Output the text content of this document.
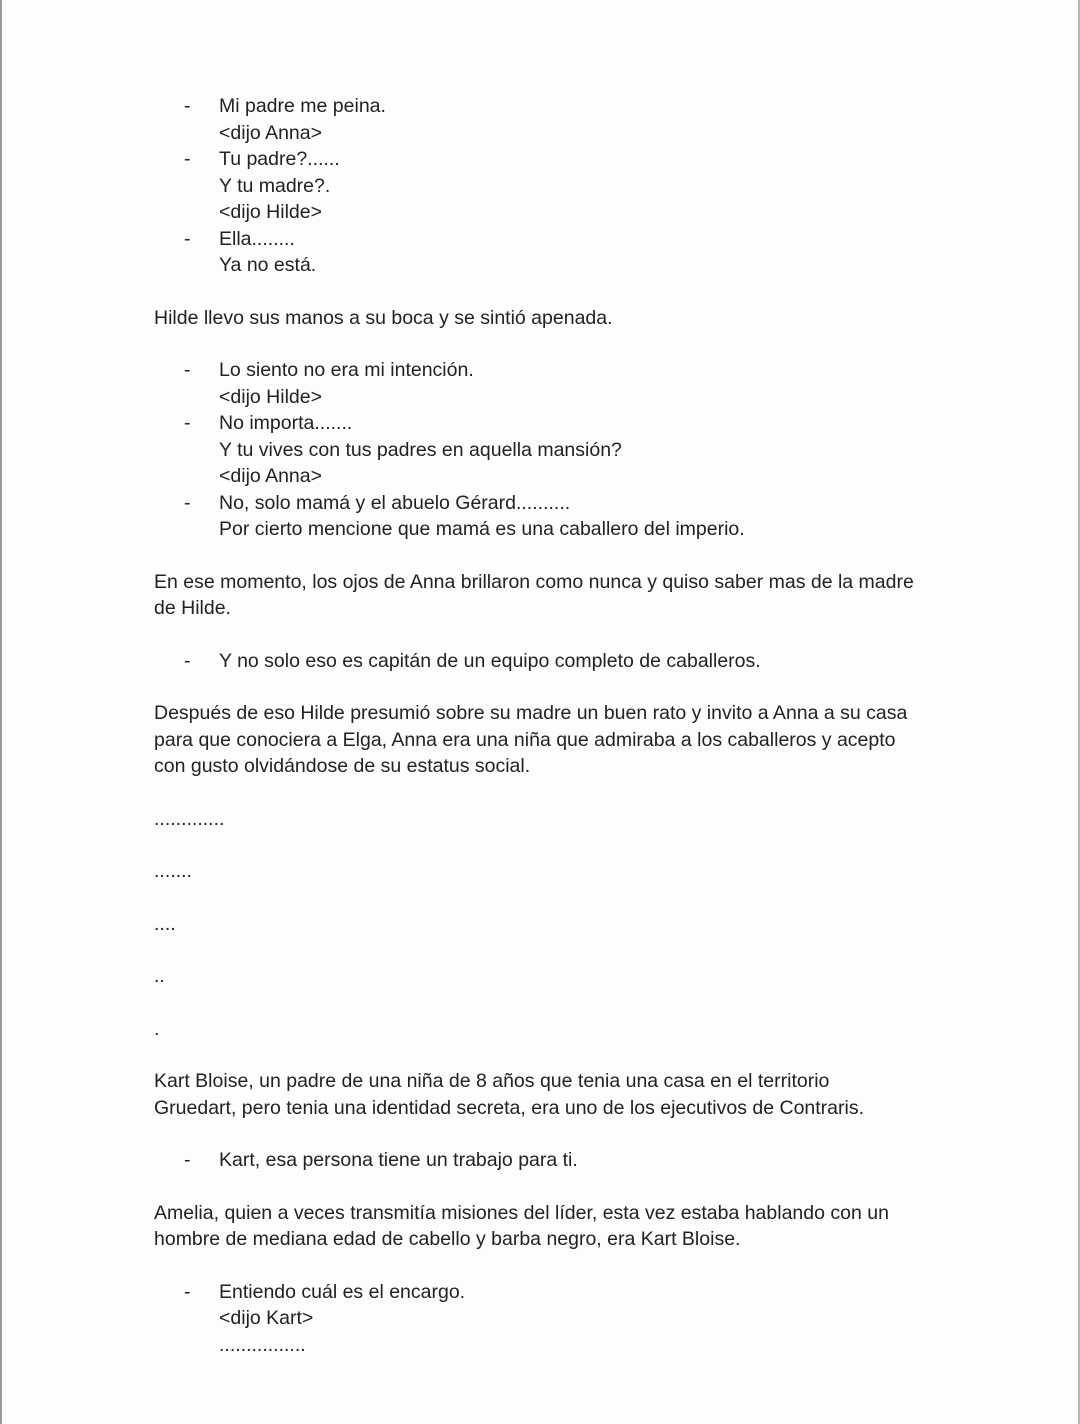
- Mi padre me peina.
<dijo Anna>
- Tu padre?......
Y tu madre?.
<dijo Hilde>
- Ella........
Ya no está.

Hilde llevo sus manos a su boca y se sintió apenada.

- Lo siento no era mi intención.
<dijo Hilde>
- No importa.......
Y tu vives con tus padres en aquella mansión?
<dijo Anna>
- No, solo mamá y el abuelo Gérard..........
Por cierto mencione que mamá es una caballero del imperio.

En ese momento, los ojos de Anna brillaron como nunca y quiso saber mas de la madre
de Hilde.

- Y no solo eso es capitán de un equipo completo de caballeros.

Después de eso Hilde presumió sobre su madre un buen rato y invito a Anna a su casa
para que conociera a Elga, Anna era una niña que admiraba a los caballeros y acepto
con gusto olvidándose de su estatus social.

.............

.......

....

..

.

Kart Bloise, un padre de una niña de 8 años que tenia una casa en el territorio
Gruedart, pero tenia una identidad secreta, era uno de los ejecutivos de Contraris.

- Kart, esa persona tiene un trabajo para ti.

Amelia, quien a veces transmitía misiones del líder, esta vez estaba hablando con un
hombre de mediana edad de cabello y barba negro, era Kart Bloise.

- Entiendo cuál es el encargo.
<dijo Kart>
................
